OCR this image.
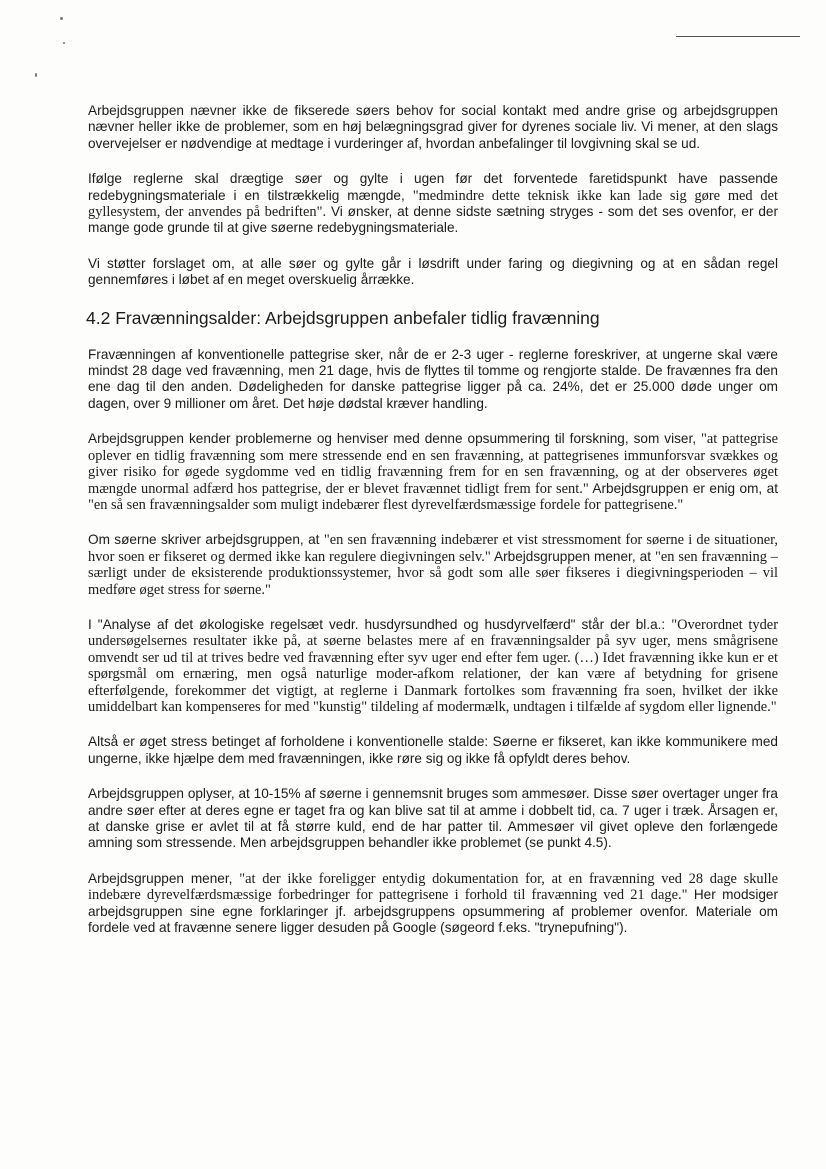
Arbejdsgruppen nævner ikke de fikserede søers behov for social kontakt med andre grise og arbejdsgruppen nævner heller ikke de problemer, som en høj belægningsgrad giver for dyrenes sociale liv. Vi mener, at den slags overvejelser er nødvendige at medtage i vurderinger af, hvordan anbefalinger til lovgivning skal se ud.

Ifølge reglerne skal drægtige søer og gylte i ugen før det forventede faretidspunkt have passende redebygningsmateriale i en tilstrækkelig mængde, "medmindre dette teknisk ikke kan lade sig gøre med det gyllesystem, der anvendes på bedriften". Vi ønsker, at denne sidste sætning stryges - som det ses ovenfor, er der mange gode grunde til at give søerne redebygningsmateriale.

Vi støtter forslaget om, at alle søer og gylte går i løsdrift under faring og diegivning og at en sådan regel gennemføres i løbet af en meget overskuelig årrække.

4.2 Fravænningsalder: Arbejdsgruppen anbefaler tidlig fravænning

Fravænningen af konventionelle pattegrise sker, når de er 2-3 uger - reglerne foreskriver, at ungerne skal være mindst 28 dage ved fravænning, men 21 dage, hvis de flyttes til tomme og rengjorte stalde. De fravænnes fra den ene dag til den anden. Dødeligheden for danske pattegrise ligger på ca. 24%, det er 25.000 døde unger om dagen, over 9 millioner om året. Det høje dødstal kræver handling.

Arbejdsgruppen kender problemerne og henviser med denne opsummering til forskning, som viser, "at pattegrise oplever en tidlig fravænning som mere stressende end en sen fravænning, at pattegrisenes immunforsvar svækkes og giver risiko for øgede sygdomme ved en tidlig fravænning frem for en sen fravænning, og at der observeres øget mængde unormal adfærd hos pattegrise, der er blevet fravænnet tidligt frem for sent." Arbejdsgruppen er enig om, at "en så sen fravænningsalder som muligt indebærer flest dyrevelfærdsmæssige fordele for pattegrisene."

Om søerne skriver arbejdsgruppen, at "en sen fravænning indebærer et vist stressmoment for søerne i de situationer, hvor soen er fikseret og dermed ikke kan regulere diegivningen selv." Arbejdsgruppen mener, at "en sen fravænning – særligt under de eksisterende produktionssystemer, hvor så godt som alle søer fikseres i diegivningsperioden – vil medføre øget stress for søerne."

I "Analyse af det økologiske regelsæt vedr. husdyrsundhed og husdyrvelfærd" står der bl.a.: "Overordnet tyder undersøgelsernes resultater ikke på, at søerne belastes mere af en fravænningsalder på syv uger, mens smågrisene omvendt ser ud til at trives bedre ved fravænning efter syv uger end efter fem uger. (…) Idet fravænning ikke kun er et spørgsmål om ernæring, men også naturlige moder-afkom relationer, der kan være af betydning for grisene efterfølgende, forekommer det vigtigt, at reglerne i Danmark fortolkes som fravænning fra soen, hvilket der ikke umiddelbart kan kompenseres for med "kunstig" tildeling af modermælk, undtagen i tilfælde af sygdom eller lignende."

Altså er øget stress betinget af forholdene i konventionelle stalde: Søerne er fikseret, kan ikke kommunikere med ungerne, ikke hjælpe dem med fravænningen, ikke røre sig og ikke få opfyldt deres behov.

Arbejdsgruppen oplyser, at 10-15% af søerne i gennemsnit bruges som ammesøer. Disse søer overtager unger fra andre søer efter at deres egne er taget fra og kan blive sat til at amme i dobbelt tid, ca. 7 uger i træk. Årsagen er, at danske grise er avlet til at få større kuld, end de har patter til. Ammesøer vil givet opleve den forlængede amning som stressende. Men arbejdsgruppen behandler ikke problemet (se punkt 4.5).

Arbejdsgruppen mener, "at der ikke foreligger entydig dokumentation for, at en fravænning ved 28 dage skulle indebære dyrevelfærdsmæssige forbedringer for pattegrisene i forhold til fravænning ved 21 dage." Her modsiger arbejdsgruppen sine egne forklaringer jf. arbejdsgruppens opsummering af problemer ovenfor. Materiale om fordele ved at fravænne senere ligger desuden på Google (søgeord f.eks. "trynepufning").
